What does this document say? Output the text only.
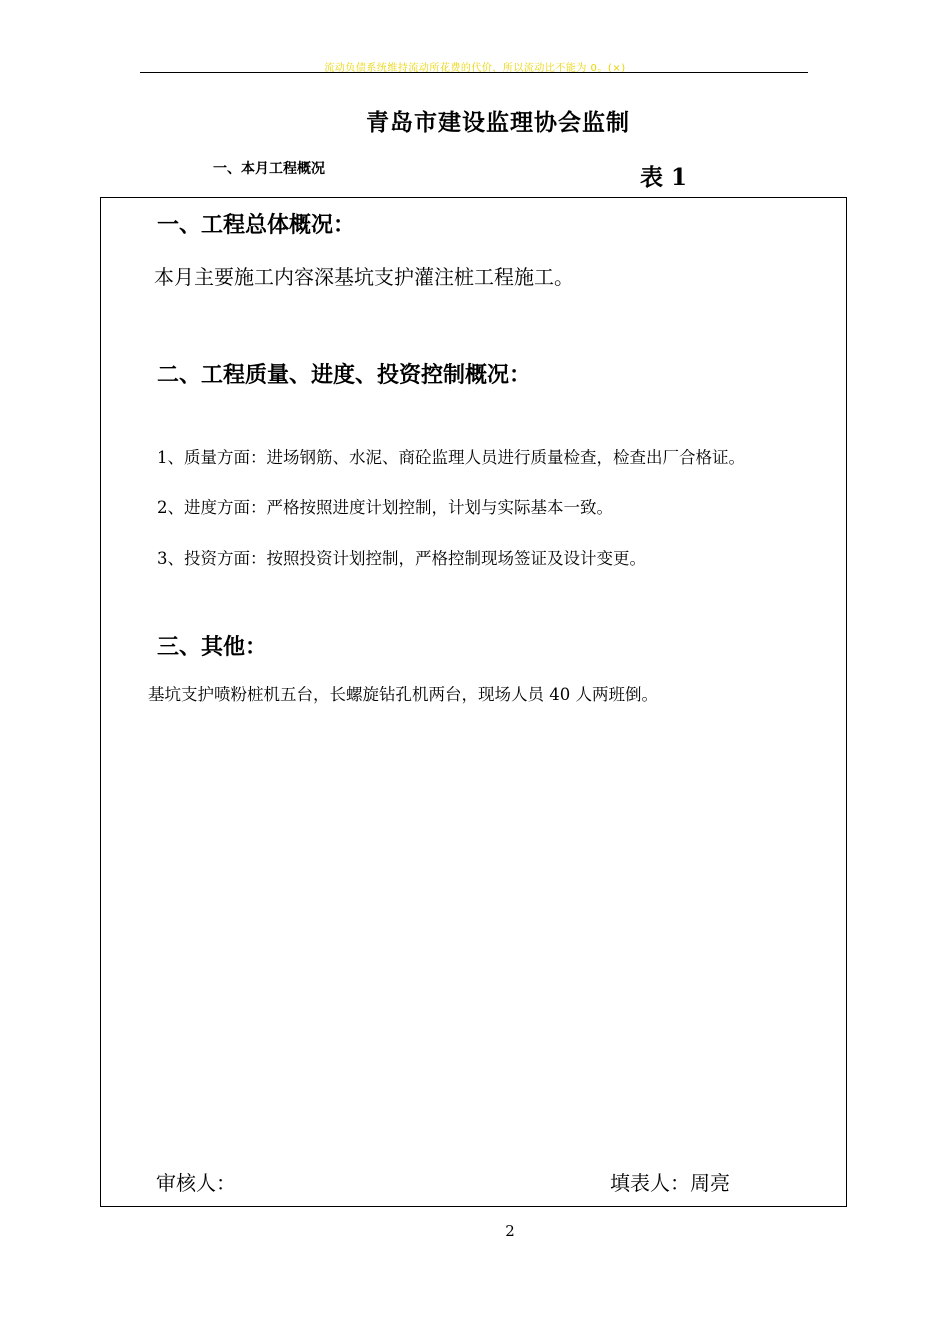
流动负债系统维持流动所花费的代价，所以流动比不能为 0。(×)
青岛市建设监理协会监制
一、本月工程概况	表 1
一、工程总体概况：
本月主要施工内容深基坑支护灌注桩工程施工。
二、工程质量、进度、投资控制概况：
1、质量方面：进场钢筋、水泥、商砼监理人员进行质量检查，检查出厂合格证。
2、进度方面：严格按照进度计划控制，计划与实际基本一致。
3、投资方面：按照投资计划控制，严格控制现场签证及设计变更。
三、其他：
基坑支护喷粉桩机五台，长螺旋钻孔机两台，现场人员 40 人两班倒。
审核人：	填表人：周亮
2
